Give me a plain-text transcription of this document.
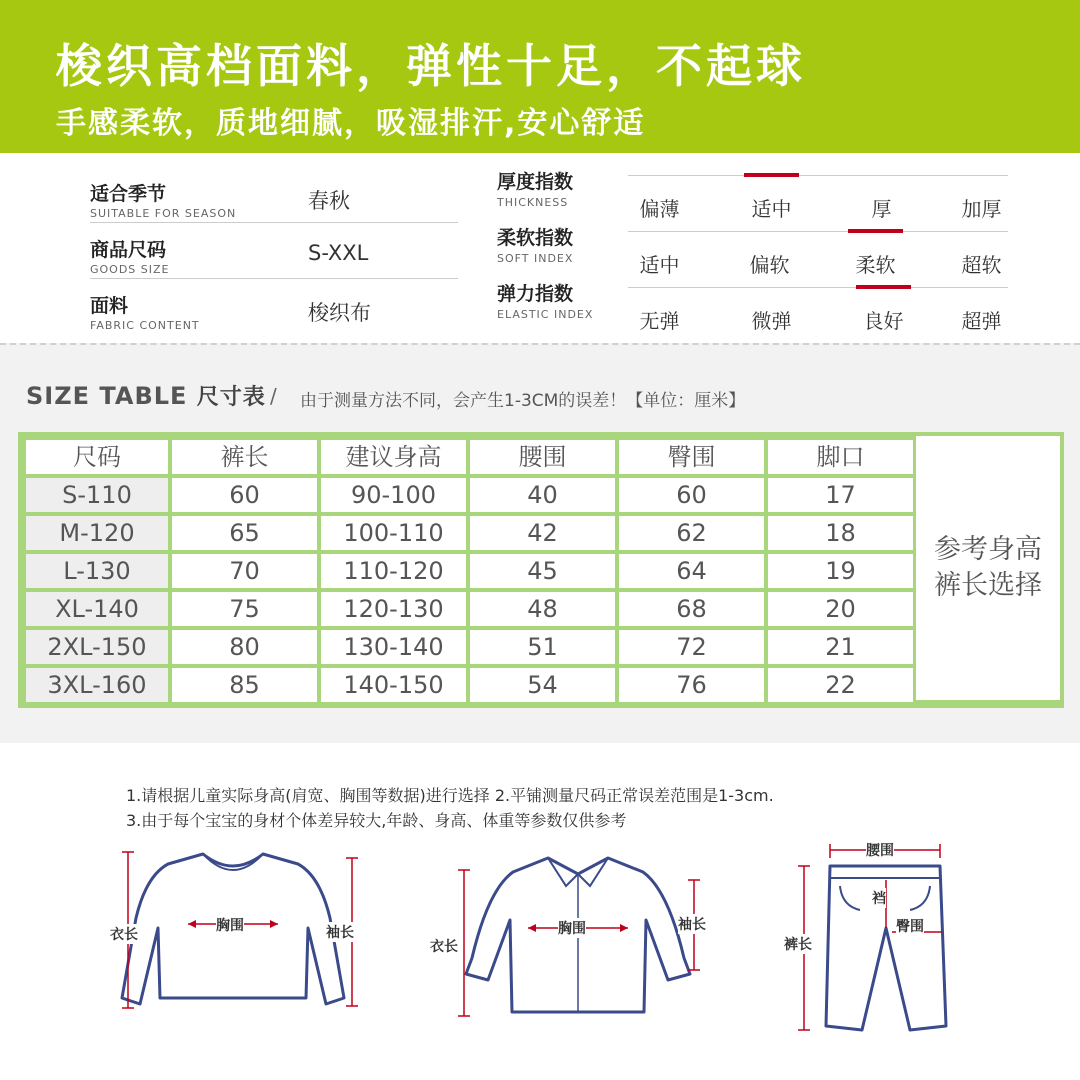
梭织高档面料，弹性十足，不起球
手感柔软，质地细腻，吸湿排汗,安心舒适
适合季节
SUITABLE FOR SEASON
春秋
商品尺码
GOODS SIZE
S-XXL
面料
FABRIC CONTENT
梭织布
厚度指数
THICKNESS	偏薄	适中	厚	加厚
柔软指数
SOFT INDEX	适中	偏软	柔软	超软
弹力指数
ELASTIC INDEX	无弹	微弹	良好	超弹
SIZE TABLE 尺寸表 / 由于测量方法不同，会产生1-3CM的误差！【单位：厘米】
尺码	裤长	建议身高	腰围	臀围	脚口
S-110	60	90-100	40	60	17
M-120	65	100-110	42	62	18
L-130	70	110-120	45	64	19
XL-140	75	120-130	48	68	20
2XL-150	80	130-140	51	72	21
3XL-160	85	140-150	54	76	22
参考身高
裤长选择
1.请根据儿童实际身高(肩宽、胸围等数据)进行选择 2.平铺测量尺码正常误差范围是1-3cm.
3.由于每个宝宝的身材个体差异较大,年龄、身高、体重等参数仅供参考
衣长
胸围	袖长
衣长
胸围	袖长
腰围
裆
臀围
裤长
